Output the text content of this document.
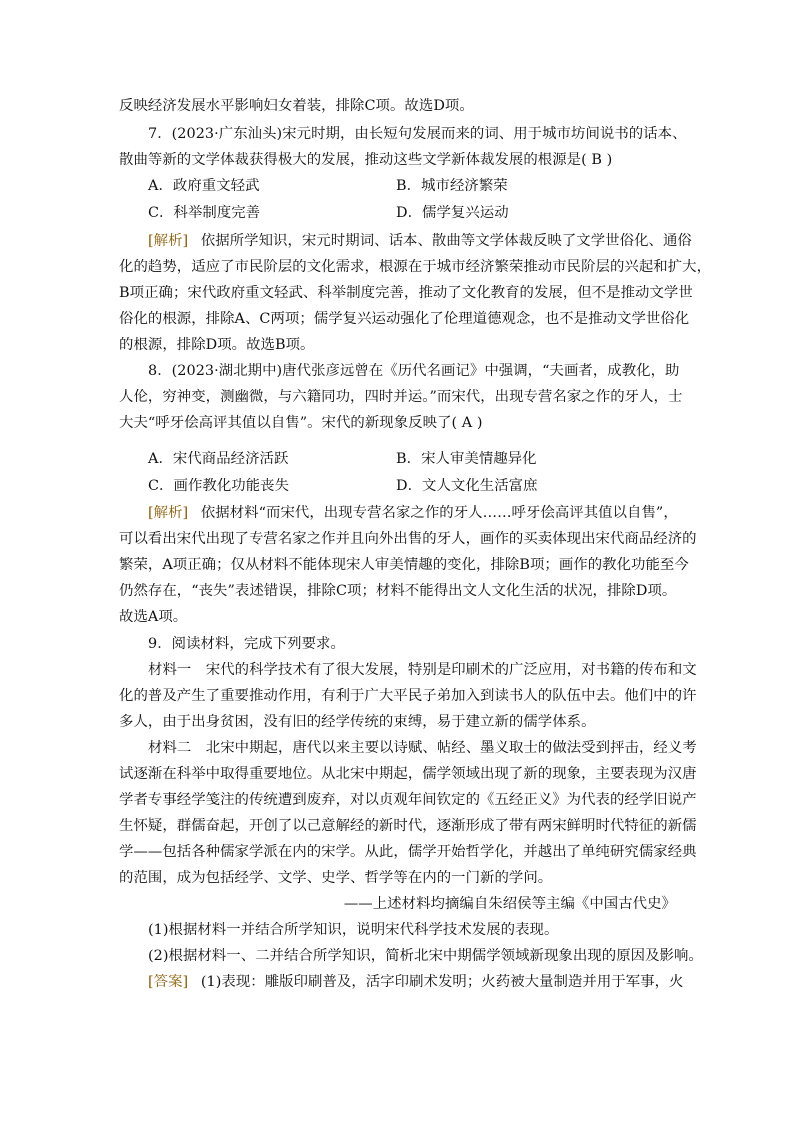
反映经济发展水平影响妇女着装，排除C项。故选D项。
7．(2023·广东汕头)宋元时期，由长短句发展而来的词、用于城市坊间说书的话本、
散曲等新的文学体裁获得极大的发展，推动这些文学新体裁发展的根源是( B )
A．政府重文轻武	B．城市经济繁荣
C．科举制度完善	D．儒学复兴运动
[解析] 依据所学知识，宋元时期词、话本、散曲等文学体裁反映了文学世俗化、通俗
化的趋势，适应了市民阶层的文化需求，根源在于城市经济繁荣推动市民阶层的兴起和扩大，
B项正确；宋代政府重文轻武、科举制度完善，推动了文化教育的发展，但不是推动文学世
俗化的根源，排除A、C两项；儒学复兴运动强化了伦理道德观念，也不是推动文学世俗化
的根源，排除D项。故选B项。
8．(2023·湖北期中)唐代张彦远曾在《历代名画记》中强调，“夫画者，成教化，助
人伦，穷神变，测幽微，与六籍同功，四时并运。”而宋代，出现专营名家之作的牙人，士
大夫“呼牙侩高评其值以自售”。宋代的新现象反映了( A )
A．宋代商品经济活跃	B．宋人审美情趣异化
C．画作教化功能丧失	D．文人文化生活富庶
[解析] 依据材料“而宋代，出现专营名家之作的牙人……呼牙侩高评其值以自售”，
可以看出宋代出现了专营名家之作并且向外出售的牙人，画作的买卖体现出宋代商品经济的
繁荣，A项正确；仅从材料不能体现宋人审美情趣的变化，排除B项；画作的教化功能至今
仍然存在，“丧失”表述错误，排除C项；材料不能得出文人文化生活的状况，排除D项。
故选A项。
9．阅读材料，完成下列要求。
材料一　宋代的科学技术有了很大发展，特别是印刷术的广泛应用，对书籍的传布和文
化的普及产生了重要推动作用，有利于广大平民子弟加入到读书人的队伍中去。他们中的许
多人，由于出身贫困，没有旧的经学传统的束缚，易于建立新的儒学体系。
材料二　北宋中期起，唐代以来主要以诗赋、帖经、墨义取士的做法受到抨击，经义考
试逐渐在科举中取得重要地位。从北宋中期起，儒学领域出现了新的现象，主要表现为汉唐
学者专事经学笺注的传统遭到废弃，对以贞观年间钦定的《五经正义》为代表的经学旧说产
生怀疑，群儒奋起，开创了以己意解经的新时代，逐渐形成了带有两宋鲜明时代特征的新儒
学——包括各种儒家学派在内的宋学。从此，儒学开始哲学化，并越出了单纯研究儒家经典
的范围，成为包括经学、文学、史学、哲学等在内的一门新的学问。
——上述材料均摘编自朱绍侯等主编《中国古代史》
(1)根据材料一并结合所学知识，说明宋代科学技术发展的表现。
(2)根据材料一、二并结合所学知识，简析北宋中期儒学领域新现象出现的原因及影响。
[答案] (1)表现：雕版印刷普及，活字印刷术发明；火药被大量制造并用于军事，火
